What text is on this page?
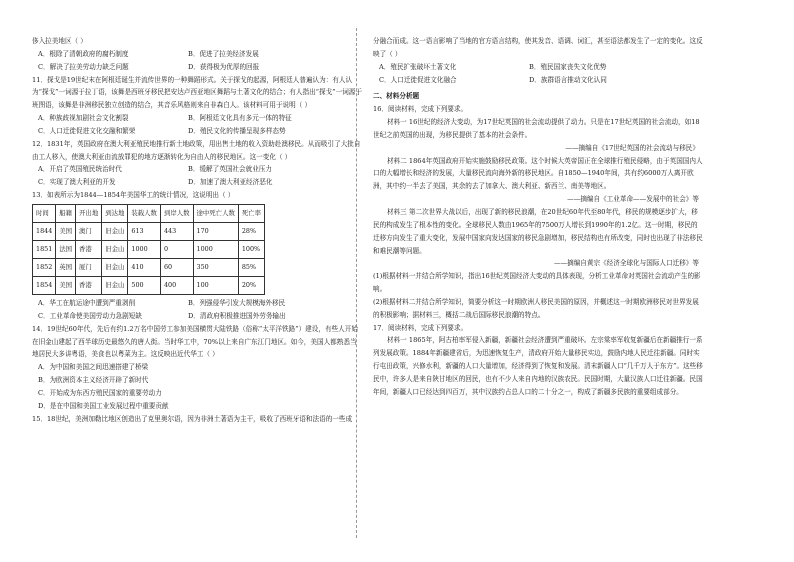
侈入拉美地区（ ）

A．根除了清朝政府的腐朽制度	B．促进了拉美经济发展
C．解决了拉美劳动力缺乏问题	D．获得极为优厚的回报

11．探戈是19世纪末在阿根廷诞生并流传世界的一种舞蹈形式。关于探戈的起源，阿根廷人普遍认为：有人认为“探戈”一词源于拉丁语，该舞是西班牙移民把安达卢西亚地区舞蹈与土著文化的结合；有人指出“探戈”一词源于班图语，该舞是非洲移民独立创造的结合，其音乐风格则来自非森白人。该材料可用于说明（ ）

A．种族歧视加剧社会文化割裂	B．阿根廷文化具有多元一体的特征
C．人口迁徙促进文化交融和繁荣	D．殖民文化的传播呈现多样态势

12．1831年，英国政府在澳大利亚殖民地推行新土地政策，用出售土地的收入资助赴澳移民。从而吸引了大批自由工人移入，使澳大利亚由流放罪犯的地方逐渐转化为自由人的移民地区。这一变化（ ）

A．开启了英国殖民统治时代	B．缓解了英国社会就业压力
C．实现了澳大利亚的开发	D．加速了澳大利亚经济恶化

13．如表所示为1844—1854年美国华工的统计情况，这说明出（ ）

时间	船籍	开出地	到达地	装载人数	到岸人数	途中死亡人数	死亡率
1844	美国	澳门	旧金山	613	443	170	28%
1851	法国	香港	旧金山	1000	0	1000	100%
1852	英国	厦门	旧金山	410	60	350	85%
1854	美国	香港	旧金山	500	400	100	20%
A．华工在航运途中遭到严重剥削	B．列强侵华引发大规模海外移民
C．工业革命使美国劳动力急剧短缺	D．清政府积极推进国外劳务输出

14．19世纪60年代，先后有约1.2万名中国劳工参加美国横贯大陆铁路（俗称“太平洋铁路”）建设，有些人开始在旧金山建起了西半球历史最悠久的唐人街。当时华工中，70%以上来自广东江门地区。如今，美国人都熟悉当地居民大多讲粤语，美食也以粤菜为主。这反映出近代华工（ ）

A．为中国和美国之间迅速搭建了桥梁
B．为欧洲资本主义经济开辟了新时代
C．开始成为东西方殖民国家的重要劳动力
D．是在中国和美国工业发展过程中重要贡献

15．18世纪，美洲加勒比地区创造出了克里奥尔语，因为非洲土著语为主干，吸收了西班牙语和法语的一些成

分融合而成。这一语言影响了当地的官方语言结构，使其发音、语调、词汇，甚至语法都发生了一定的变化。这反映了（ ）

A．殖民扩张破坏土著文化	B．殖民国家丧失文化优势
C．人口迁徙促进文化融合	D．族群语言推动文化认同

二、材料分析题

16．阅读材料，完成下列要求。

材料一 16世纪的经济大变动，为17世纪英国的社会流动提供了动力。只是在17世纪英国的社会流动，如18世纪之前英国的出现，为移民提供了基本的社会条件。

——摘编自《17世纪英国的社会流动与移民》

材料二 1864年英国政府开始实施鼓励移民政策。这个时候大英帝国正在全球推行殖民侵略，由于英国国内人口的大幅增长和经济的发展，大量移民流向海外新的移民地区。自1850—1940年间，共有约6000万人离开欧洲，其中约一半去了美国，其余的去了加拿大、澳大利亚、新西兰、南美等地区。

——摘编自《工业革命——发展中的社会》等

材料三 第二次世界大战以后，出现了新的移民浪潮，在20世纪60年代至80年代，移民的规模逐步扩大，移民的构成发生了根本性的变化。全球移民人数由1965年的7500万人增长到1990年的1.2亿。这一时期，移民的迁移方向发生了重大变化，发展中国家向发达国家的移民急剧增加，移民结构也有所改变，同时也出现了非法移民和难民潮等问题。

——摘编自黄宗《经济全球化与国际人口迁移》等

(1)根据材料一并结合所学知识，指出16世纪英国经济大变动的具体表现，分析工业革命对英国社会流动产生的影响。

(2)根据材料二并结合所学知识，简要分析这一时期欧洲人移民美国的原因，并概述这一时期欧洲移民对世界发展的积极影响；据材料三，概括二战后国际移民浪潮的特点。

17．阅读材料，完成下列要求。

材料一 1865年，阿古柏率军侵入新疆，新疆社会经济遭到严重破坏。左宗棠率军收复新疆后在新疆推行一系列发展政策。1884年新疆建省后，为迅速恢复生产，清政府开始大量移民实边，鼓励内地人民迁往新疆。同时实行屯田政策，兴修水利，新疆的人口大量增加，经济得到了恢复和发展。清末新疆人口“几千万人于东方”。这些移民中，许多人是来自陕甘地区的回民，也有不少人来自内地的汉族农民。民国时期，大量汉族人口迁往新疆。民国年间，新疆人口已经达到四百万，其中汉族约占总人口的二十分之一，构成了新疆多民族的重要组成部分。
